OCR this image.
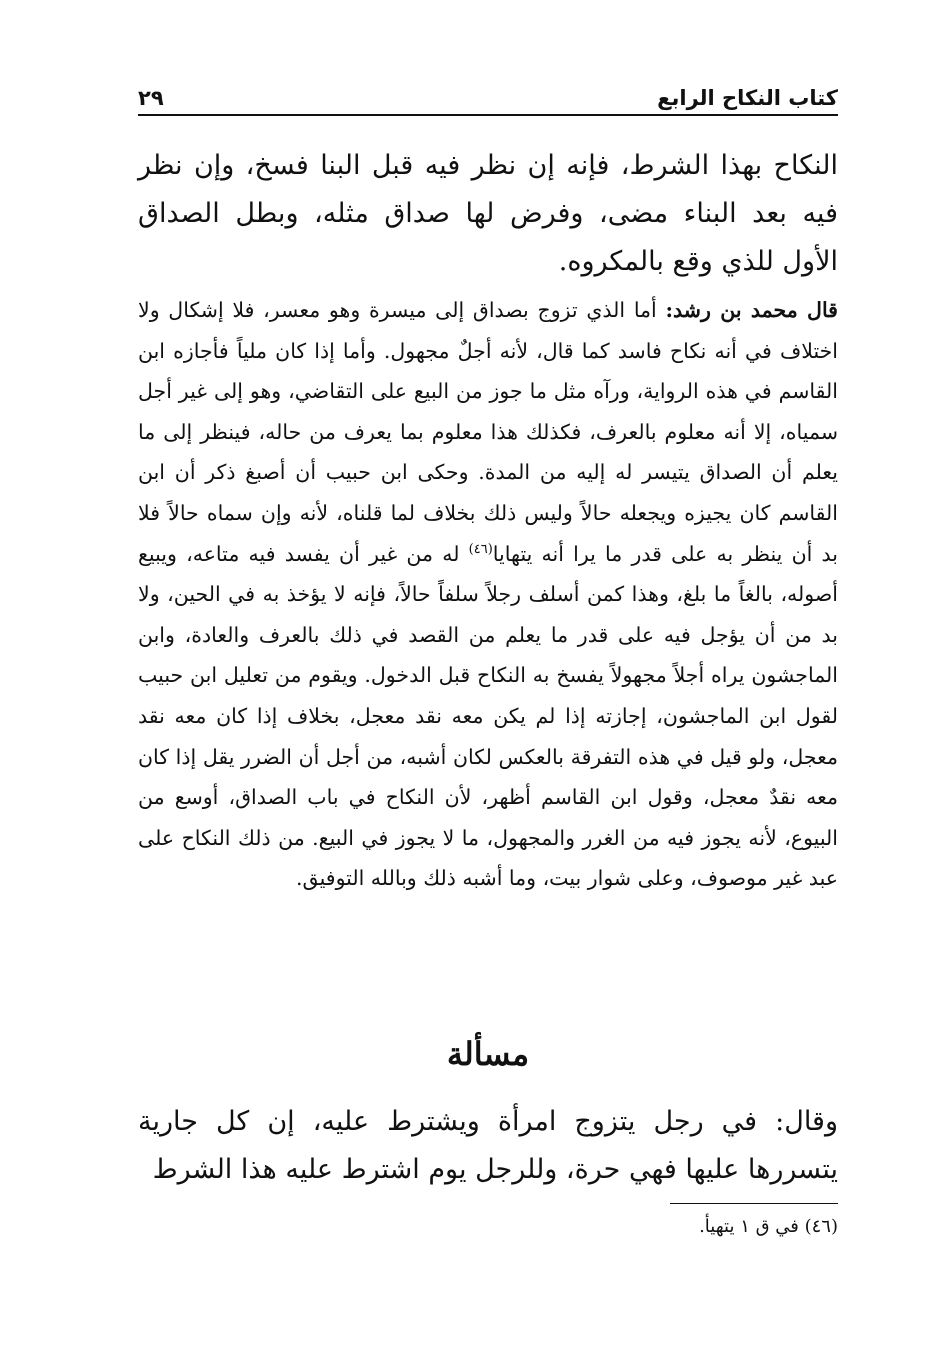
كتاب النكاح الرابع
٢٩
النكاح بهذا الشرط، فإنه إن نظر فيه قبل البنا فسخ، وإن نظر فيه بعد البناء مضى، وفرض لها صداق مثله، وبطل الصداق الأول للذي وقع بالمكروه.
قال محمد بن رشد: أما الذي تزوج بصداق إلى ميسرة وهو معسر، فلا إشكال ولا اختلاف في أنه نكاح فاسد كما قال، لأنه أجلٌ مجهول. وأما إذا كان ملياً فأجازه ابن القاسم في هذه الرواية، ورآه مثل ما جوز من البيع على التقاضي، وهو إلى غير أجل سمياه، إلا أنه معلوم بالعرف، فكذلك هذا معلوم بما يعرف من حاله، فينظر إلى ما يعلم أن الصداق يتيسر له إليه من المدة. وحكى ابن حبيب أن أصبغ ذكر أن ابن القاسم كان يجيزه ويجعله حالاً وليس ذلك بخلاف لما قلناه، لأنه وإن سماه حالاً فلا بد أن ينظر به على قدر ما يرا أنه يتهايا$^{(٤٦)}$ له من غير أن يفسد فيه متاعه، ويبيع أصوله، بالغاً ما بلغ، وهذا كمن أسلف رجلاً سلفاً حالاً، فإنه لا يؤخذ به في الحين، ولا بد من أن يؤجل فيه على قدر ما يعلم من القصد في ذلك بالعرف والعادة، وابن الماجشون يراه أجلاً مجهولاً يفسخ به النكاح قبل الدخول. ويقوم من تعليل ابن حبيب لقول ابن الماجشون، إجازته إذا لم يكن معه نقد معجل، بخلاف إذا كان معه نقد معجل، ولو قيل في هذه التفرقة بالعكس لكان أشبه، من أجل أن الضرر يقل إذا كان معه نقدٌ معجل، وقول ابن القاسم أظهر، لأن النكاح في باب الصداق، أوسع من البيوع، لأنه يجوز فيه من الغرر والمجهول، ما لا يجوز في البيع. من ذلك النكاح على عبد غير موصوف، وعلى شوار بيت، وما أشبه ذلك وبالله التوفيق.
مسألة
وقال: في رجل يتزوج امرأة ويشترط عليه، إن كل جارية يتسررها عليها فهي حرة، وللرجل يوم اشترط عليه هذا الشرط
(٤٦) في ق ١ يتهيأ.
